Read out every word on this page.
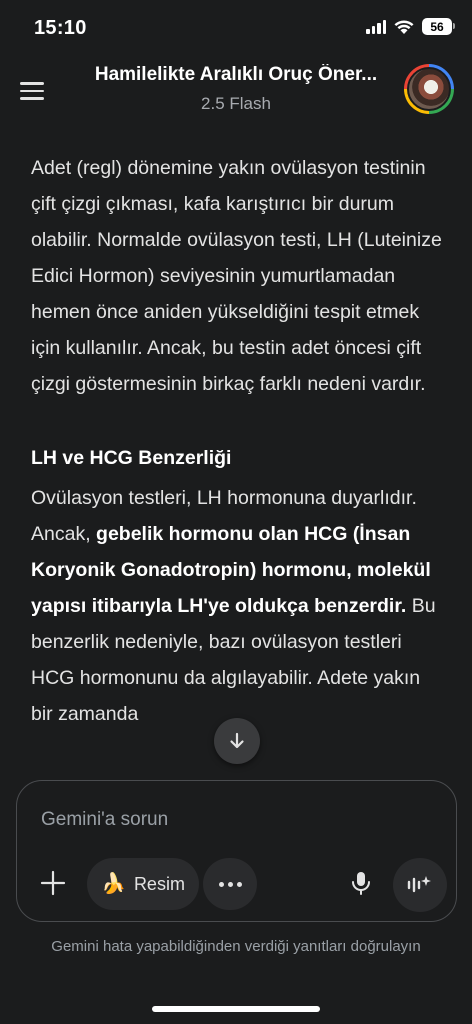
15:10	56
Hamilelikte Aralıklı Oruç Öner...
2.5 Flash

Adet (regl) dönemine yakın ovülasyon testinin çift çizgi çıkması, kafa karıştırıcı bir durum olabilir. Normalde ovülasyon testi, LH (Luteinize Edici Hormon) seviyesinin yumurtlamadan hemen önce aniden yükseldiğini tespit etmek için kullanılır. Ancak, bu testin adet öncesi çift çizgi göstermesinin birkaç farklı nedeni vardır.

LH ve HCG Benzerliği

Ovülasyon testleri, LH hormonuna duyarlıdır. Ancak, gebelik hormonu olan HCG (İnsan Koryonik Gonadotropin) hormonu, molekül yapısı itibarıyla LH'ye oldukça benzerdir. Bu benzerlik nedeniyle, bazı ovülasyon testleri HCG hormonunu da algılayabilir. Adete yakın bir zamanda

Gemini'a sorun
🍌 Resim
Gemini hata yapabildiğinden verdiği yanıtları doğrulayın
